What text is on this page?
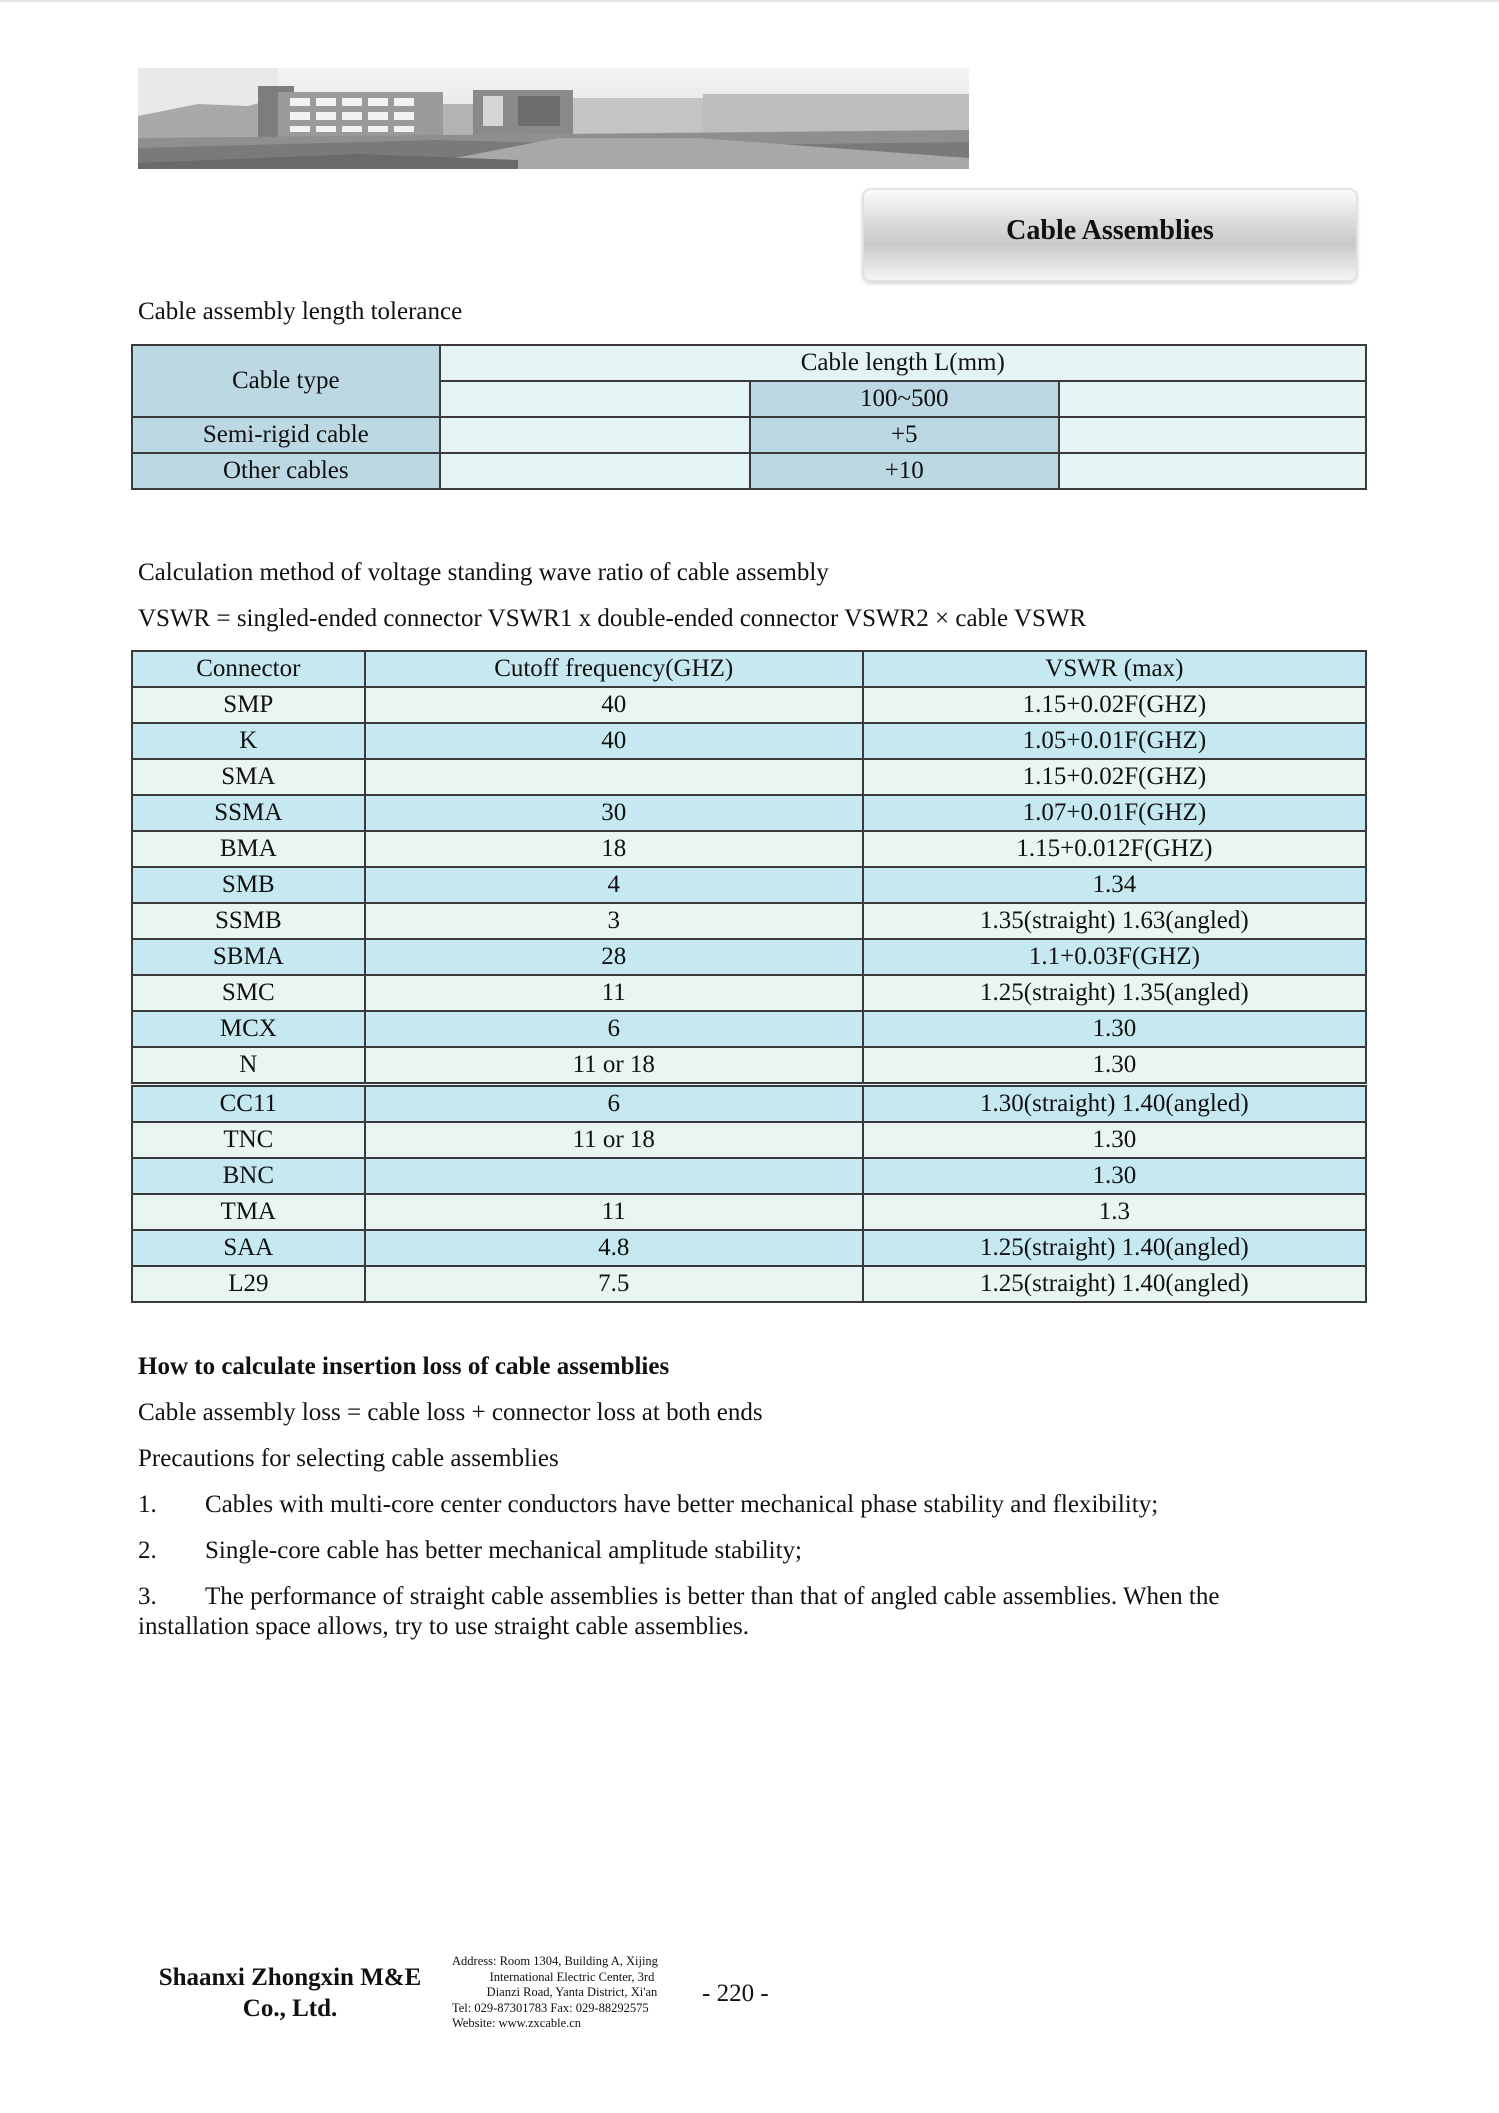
Cable Assemblies
Cable assembly length tolerance
Cable type	Cable length L(mm)		
		100~500	
Semi-rigid cable		+5	
Other cables		+10	
Calculation method of voltage standing wave ratio of cable assembly
VSWR = singled-ended connector VSWR1 x double-ended connector VSWR2 × cable VSWR
Connector	Cutoff frequency(GHZ)	VSWR (max)
SMP	40	1.15+0.02F(GHZ)
K	40	1.05+0.01F(GHZ)
SMA		1.15+0.02F(GHZ)
SSMA	30	1.07+0.01F(GHZ)
BMA	18	1.15+0.012F(GHZ)
SMB	4	1.34
SSMB	3	1.35(straight) 1.63(angled)
SBMA	28	1.1+0.03F(GHZ)
SMC	11	1.25(straight) 1.35(angled)
MCX	6	1.30
N	11 or 18	1.30
CC11	6	1.30(straight) 1.40(angled)
TNC	11 or 18	1.30
BNC		1.30
TMA	11	1.3
SAA	4.8	1.25(straight) 1.40(angled)
L29	7.5	1.25(straight) 1.40(angled)
How to calculate insertion loss of cable assemblies
Cable assembly loss = cable loss + connector loss at both ends
Precautions for selecting cable assemblies
1. Cables with multi-core center conductors have better mechanical phase stability and flexibility;
2. Single-core cable has better mechanical amplitude stability;
3. The performance of straight cable assemblies is better than that of angled cable assemblies. When the
installation space allows, try to use straight cable assemblies.
Shaanxi Zhongxin M&E
Co., Ltd.
Address: Room 1304, Building A, Xijing
International Electric Center, 3rd
Dianzi Road, Yanta District, Xi'an
Tel: 029-87301783 Fax: 029-88292575
Website: www.zxcable.cn
- 220 -
